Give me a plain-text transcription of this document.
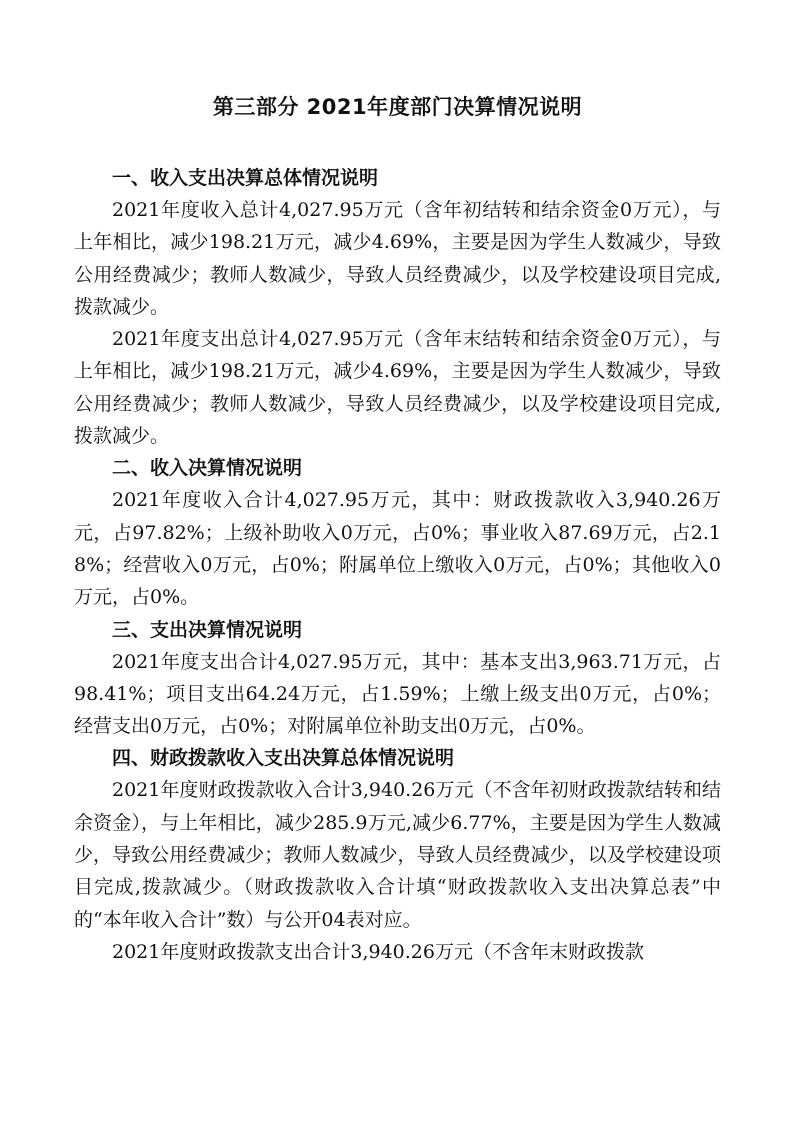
第三部分 2021年度部门决算情况说明

一、收入支出决算总体情况说明

2021年度收入总计4,027.95万元（含年初结转和结余资金0万元），与上年相比，减少198.21万元，减少4.69%，主要是因为学生人数减少，导致公用经费减少；教师人数减少，导致人员经费减少，以及学校建设项目完成,拨款减少。

2021年度支出总计4,027.95万元（含年末结转和结余资金0万元），与上年相比，减少198.21万元，减少4.69%，主要是因为学生人数减少，导致公用经费减少；教师人数减少，导致人员经费减少，以及学校建设项目完成,拨款减少。

二、收入决算情况说明

2021年度收入合计4,027.95万元，其中：财政拨款收入3,940.26万元，占97.82%；上级补助收入0万元，占0%；事业收入87.69万元，占2.18%；经营收入0万元，占0%；附属单位上缴收入0万元，占0%；其他收入0万元，占0%。

三、支出决算情况说明

2021年度支出合计4,027.95万元，其中：基本支出3,963.71万元，占98.41%；项目支出64.24万元，占1.59%；上缴上级支出0万元，占0%；经营支出0万元，占0%；对附属单位补助支出0万元，占0%。

四、财政拨款收入支出决算总体情况说明

2021年度财政拨款收入合计3,940.26万元（不含年初财政拨款结转和结余资金），与上年相比，减少285.9万元,减少6.77%，主要是因为学生人数减少，导致公用经费减少；教师人数减少，导致人员经费减少，以及学校建设项目完成,拨款减少。（财政拨款收入合计填“财政拨款收入支出决算总表”中的“本年收入合计”数）与公开04表对应。

2021年度财政拨款支出合计3,940.26万元（不含年末财政拨款
